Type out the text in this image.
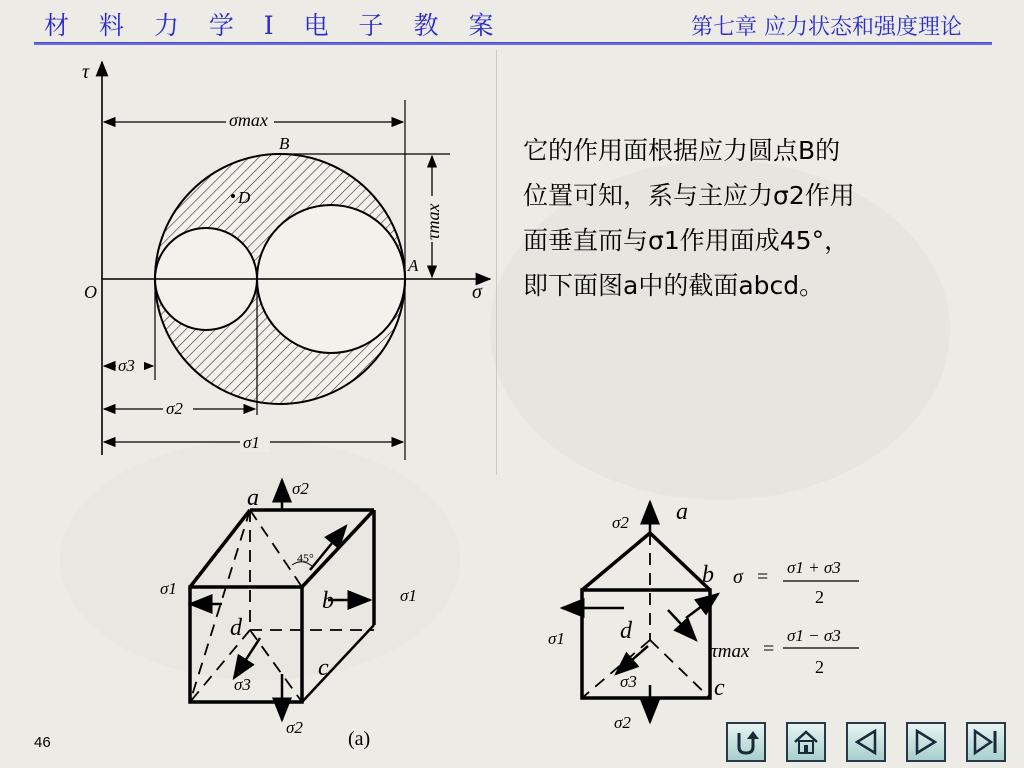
材 料 力 学 Ⅰ 电 子 教 案	第七章 应力状态和强度理论
τ
σ
O
A
B
D
σmax
τmax
σ3
σ2
σ1
它的作用面根据应力圆点B的
位置可知，系与主应力σ2作用
面垂直而与σ1作用面成45°，
即下面图a中的截面abcd。
a
b
c
d
45°
σ2
σ2
σ1	σ1
σ3
(a)
a
b
c
d
σ2
σ2
σ1
σ3
σ = σ1 + σ3
2
τmax =
σ1 − σ3
2
46
